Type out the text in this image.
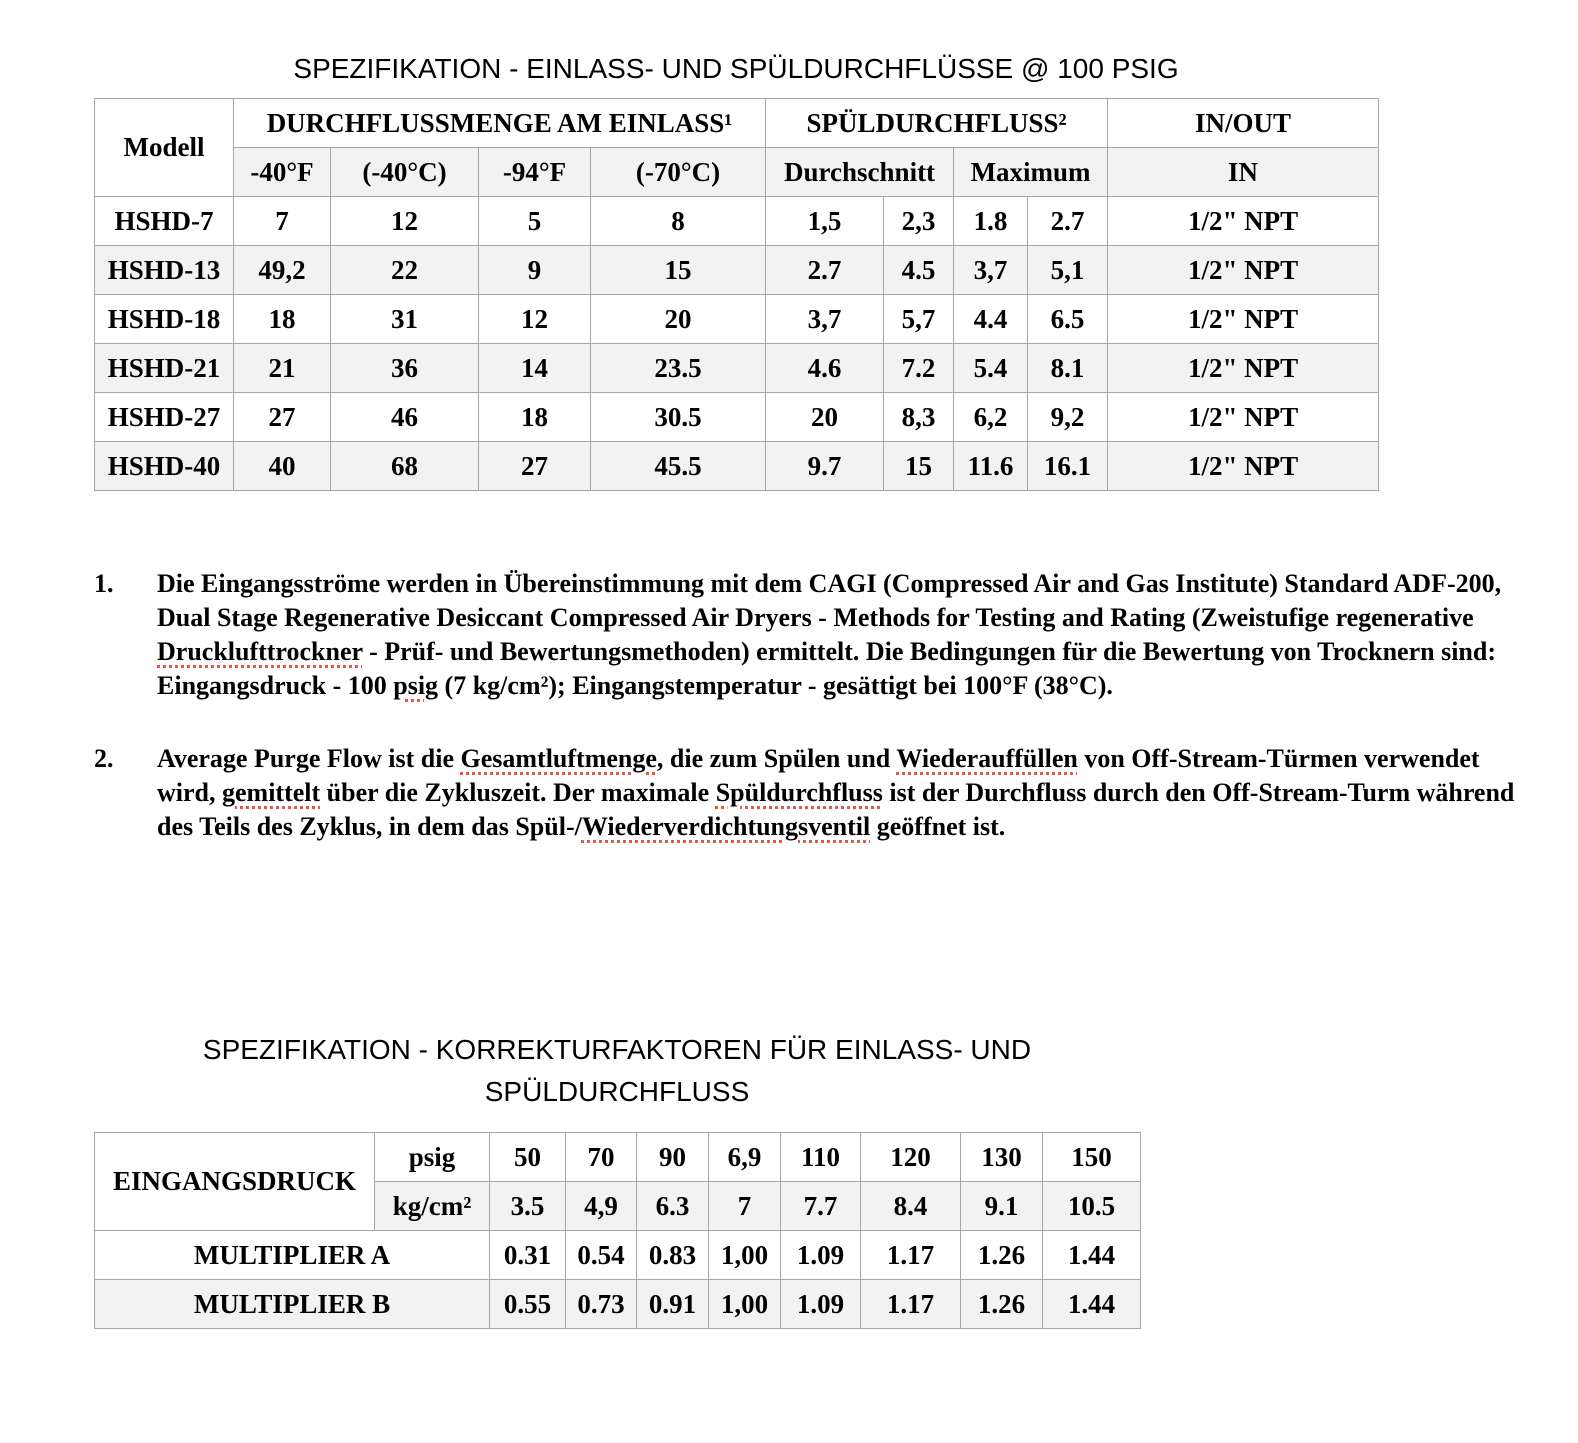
SPEZIFIKATION - EINLASS- UND SPÜLDURCHFLÜSSE @ 100 PSIG
Modell	DURCHFLUSSMENGE AM EINLASS¹				SPÜLDURCHFLUSS²				IN/OUT
	-40°F	(-40°C)	-94°F	(-70°C)	Durchschnitt		Maximum		IN
HSHD-7	7	12	5	8	1,5	2,3	1.8	2.7	1/2" NPT
HSHD-13	49,2	22	9	15	2.7	4.5	3,7	5,1	1/2" NPT
HSHD-18	18	31	12	20	3,7	5,7	4.4	6.5	1/2" NPT
HSHD-21	21	36	14	23.5	4.6	7.2	5.4	8.1	1/2" NPT
HSHD-27	27	46	18	30.5	20	8,3	6,2	9,2	1/2" NPT
HSHD-40	40	68	27	45.5	9.7	15	11.6	16.1	1/2" NPT
1.	Die Eingangsströme werden in Übereinstimmung mit dem CAGI (Compressed Air and Gas Institute) Standard ADF-200, Dual Stage Regenerative Desiccant Compressed Air Dryers - Methods for Testing and Rating (Zweistufige regenerative Drucklufttrockner - Prüf- und Bewertungsmethoden) ermittelt. Die Bedingungen für die Bewertung von Trocknern sind: Eingangsdruck - 100 psig (7 kg/cm²); Eingangstemperatur - gesättigt bei 100°F (38°C).
2.	Average Purge Flow ist die Gesamtluftmenge, die zum Spülen und Wiederauffüllen von Off-Stream-Türmen verwendet wird, gemittelt über die Zykluszeit. Der maximale Spüldurchfluss ist der Durchfluss durch den Off-Stream-Turm während des Teils des Zyklus, in dem das Spül-/Wiederverdichtungsventil geöffnet ist.
SPEZIFIKATION - KORREKTURFAKTOREN FÜR EINLASS- UND
SPÜLDURCHFLUSS
EINGANGSDRUCK	psig	50	70	90	6,9	110	120	130	150
	kg/cm²	3.5	4,9	6.3	7	7.7	8.4	9.1	10.5
MULTIPLIER A		0.31	0.54	0.83	1,00	1.09	1.17	1.26	1.44
MULTIPLIER B		0.55	0.73	0.91	1,00	1.09	1.17	1.26	1.44
